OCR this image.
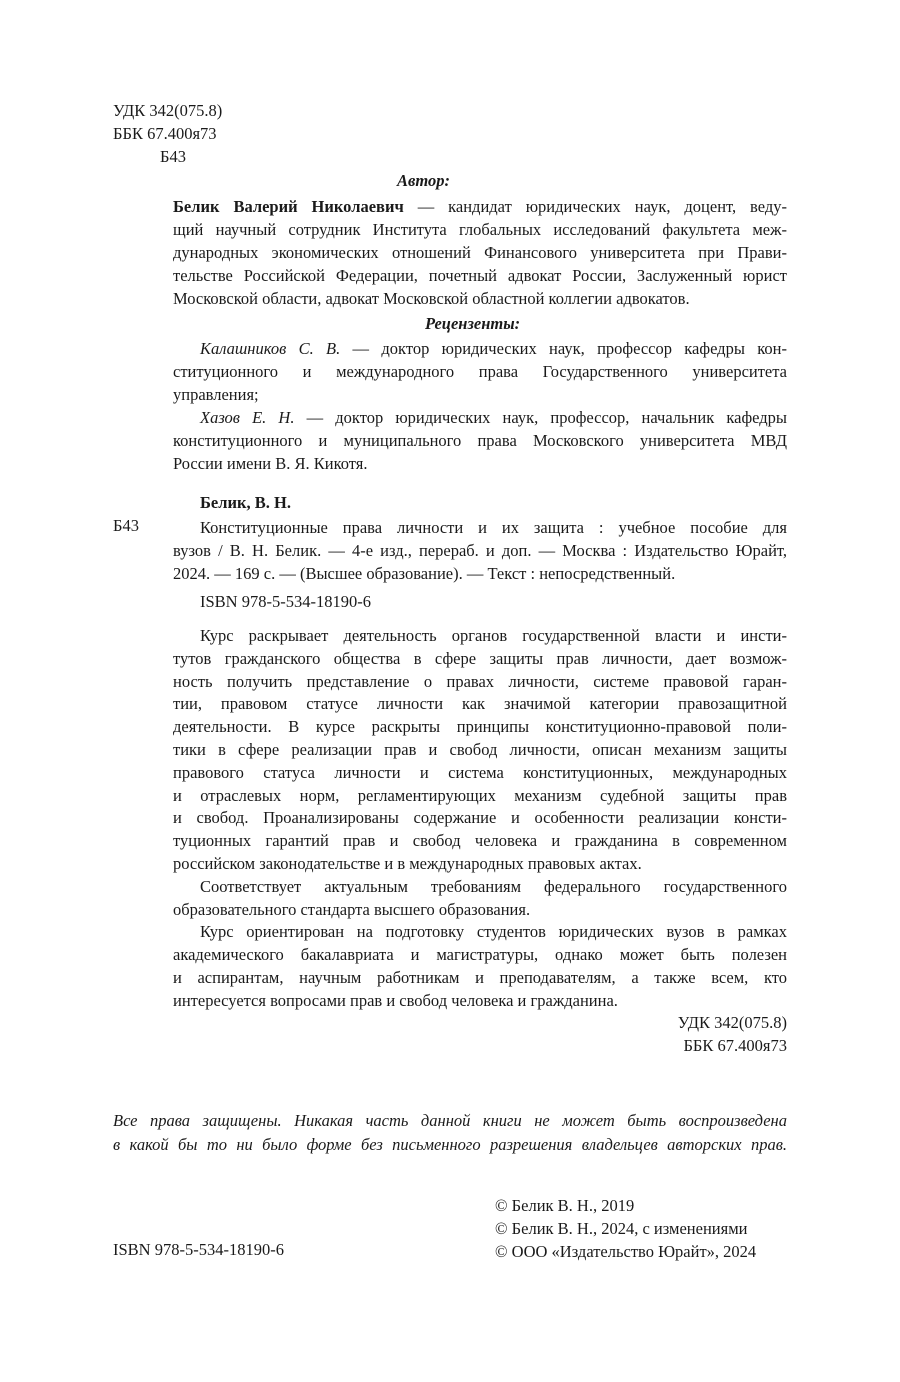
УДК 342(075.8)
ББК 67.400я73
Б43
Автор:
Белик Валерий Николаевич — кандидат юридических наук, доцент, веду-
щий научный сотрудник Института глобальных исследований факультета меж-
дународных экономических отношений Финансового университета при Прави-
тельстве Российской Федерации, почетный адвокат России, Заслуженный юрист
Московской области, адвокат Московской областной коллегии адвокатов.
Рецензенты:
Калашников С. В. — доктор юридических наук, профессор кафедры кон-
ституционного и международного права Государственного университета
управления;
Хазов Е. Н. — доктор юридических наук, профессор, начальник кафедры
конституционного и муниципального права Московского университета МВД
России имени В. Я. Кикотя.
Белик, В. Н.
Б43	Конституционные права личности и их защита : учебное пособие для
вузов / В. Н. Белик. — 4-е изд., перераб. и доп. — Москва : Издательство Юрайт,
2024. — 169 с. — (Высшее образование). — Текст : непосредственный.
ISBN 978-5-534-18190-6
Курс раскрывает деятельность органов государственной власти и инсти-
тутов гражданского общества в сфере защиты прав личности, дает возмож-
ность получить представление о правах личности, системе правовой гаран-
тии, правовом статусе личности как значимой категории правозащитной
деятельности. В курсе раскрыты принципы конституционно-правовой поли-
тики в сфере реализации прав и свобод личности, описан механизм защиты
правового статуса личности и система конституционных, международных
и отраслевых норм, регламентирующих механизм судебной защиты прав
и свобод. Проанализированы содержание и особенности реализации консти-
туционных гарантий прав и свобод человека и гражданина в современном
российском законодательстве и в международных правовых актах.
Соответствует актуальным требованиям федерального государственного
образовательного стандарта высшего образования.
Курс ориентирован на подготовку студентов юридических вузов в рамках
академического бакалавриата и магистратуры, однако может быть полезен
и аспирантам, научным работникам и преподавателям, а также всем, кто
интересуется вопросами прав и свобод человека и гражданина.
УДК 342(075.8)
ББК 67.400я73
Все права защищены. Никакая часть данной книги не может быть воспроизведена
в какой бы то ни было форме без письменного разрешения владельцев авторских прав.
ISBN 978-5-534-18190-6
© Белик В. Н., 2019
© Белик В. Н., 2024, с изменениями
© ООО «Издательство Юрайт», 2024
